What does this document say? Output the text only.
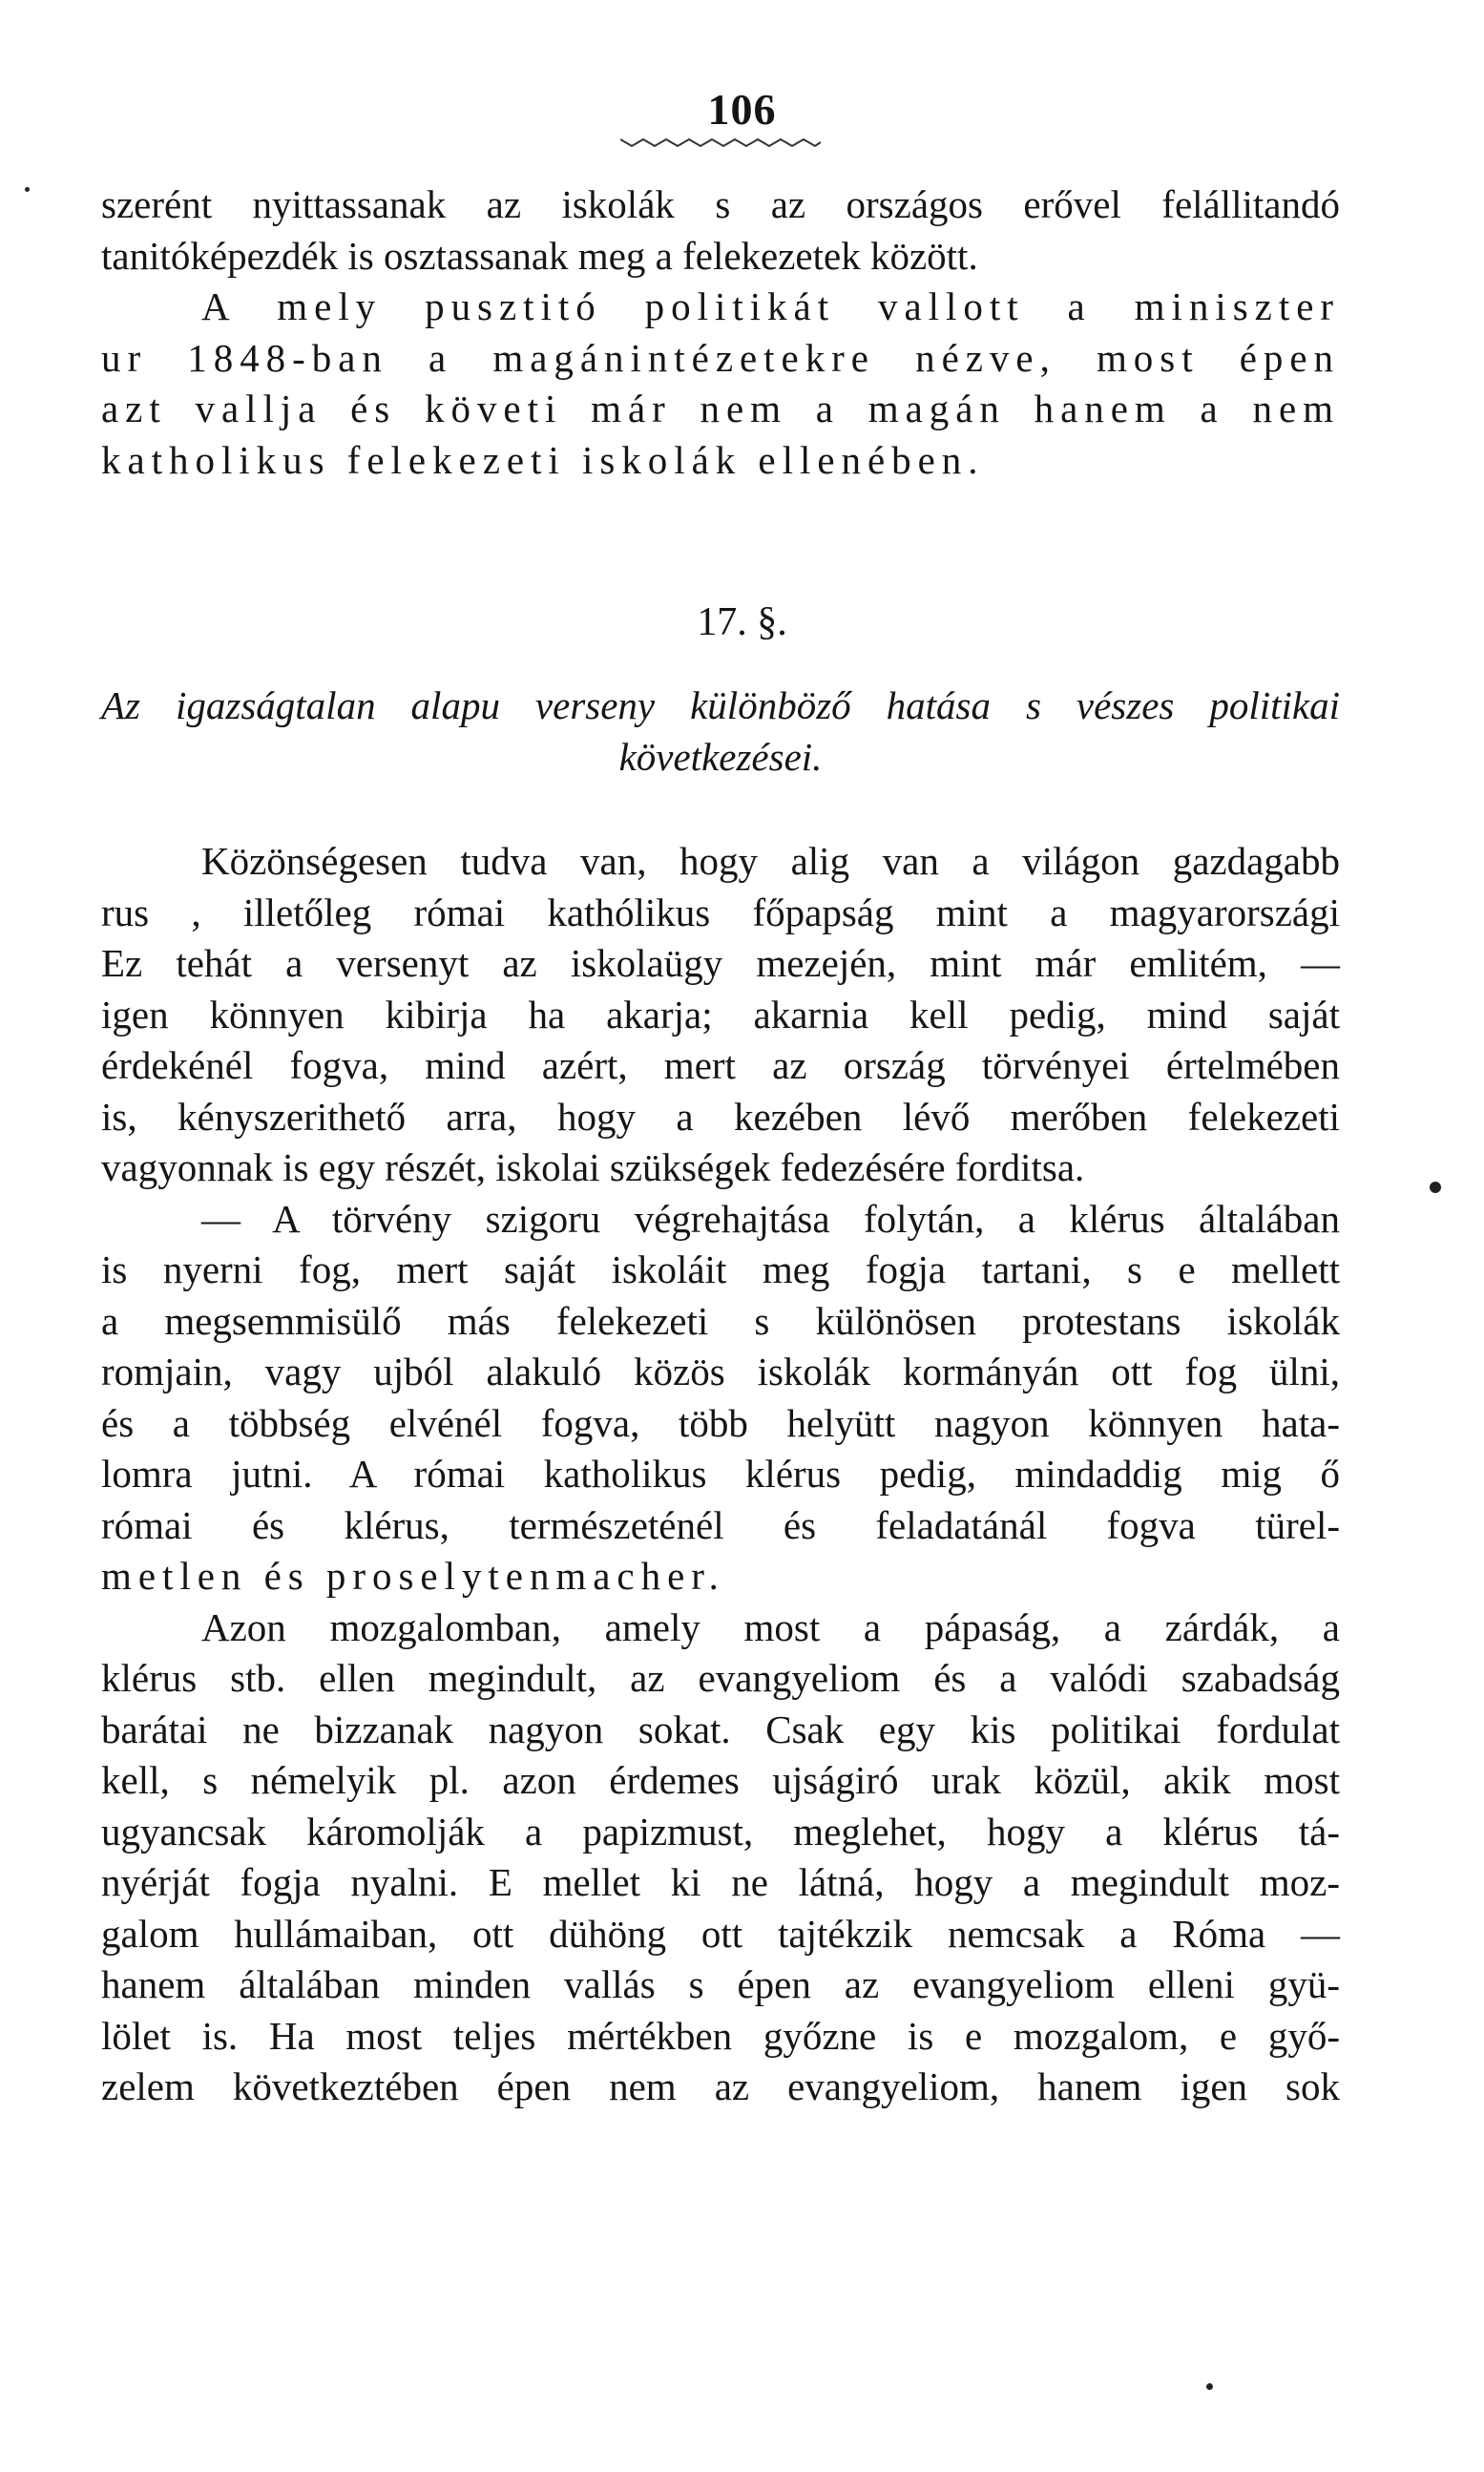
106
szerént nyittassanak az iskolák s az országos erővel felállitandó
tanitóképezdék is osztassanak meg a felekezetek között.
A mely pusztitó politikát vallott a miniszter
ur 1848-ban a magánintézetekre nézve, most épen
azt vallja és követi már nem a magán hanem a nem
katholikus felekezeti iskolák ellenében.
17. §.
Az igazságtalan alapu verseny különböző hatása s vészes politikai
következései.
Közönségesen tudva van, hogy alig van a világon gazdagabb
rus , illetőleg római kathólikus főpapság mint a magyarországi
Ez tehát a versenyt az iskolaügy mezején, mint már emlitém, —
igen könnyen kibirja ha akarja; akarnia kell pedig, mind saját
érdekénél fogva, mind azért, mert az ország törvényei értelmében
is, kényszerithető arra, hogy a kezében lévő merőben felekezeti
vagyonnak is egy részét, iskolai szükségek fedezésére forditsa.
— A törvény szigoru végrehajtása folytán, a klérus általában
is nyerni fog, mert saját iskoláit meg fogja tartani, s e mellett
a megsemmisülő más felekezeti s különösen protestans iskolák
romjain, vagy ujból alakuló közös iskolák kormányán ott fog ülni,
és a többség elvénél fogva, több helyütt nagyon könnyen hata-
lomra jutni. A római katholikus klérus pedig, mindaddig mig ő
római és klérus, természeténél és feladatánál fogva türel-
metlen és proselytenmacher.
Azon mozgalomban, amely most a pápaság, a zárdák, a
klérus stb. ellen megindult, az evangyeliom és a valódi szabadság
barátai ne bizzanak nagyon sokat. Csak egy kis politikai fordulat
kell, s némelyik pl. azon érdemes ujságiró urak közül, akik most
ugyancsak káromolják a papizmust, meglehet, hogy a klérus tá-
nyérját fogja nyalni. E mellet ki ne látná, hogy a megindult moz-
galom hullámaiban, ott dühöng ott tajtékzik nemcsak a Róma —
hanem általában minden vallás s épen az evangyeliom elleni gyü-
lölet is. Ha most teljes mértékben győzne is e mozgalom, e győ-
zelem következtében épen nem az evangyeliom, hanem igen sok
